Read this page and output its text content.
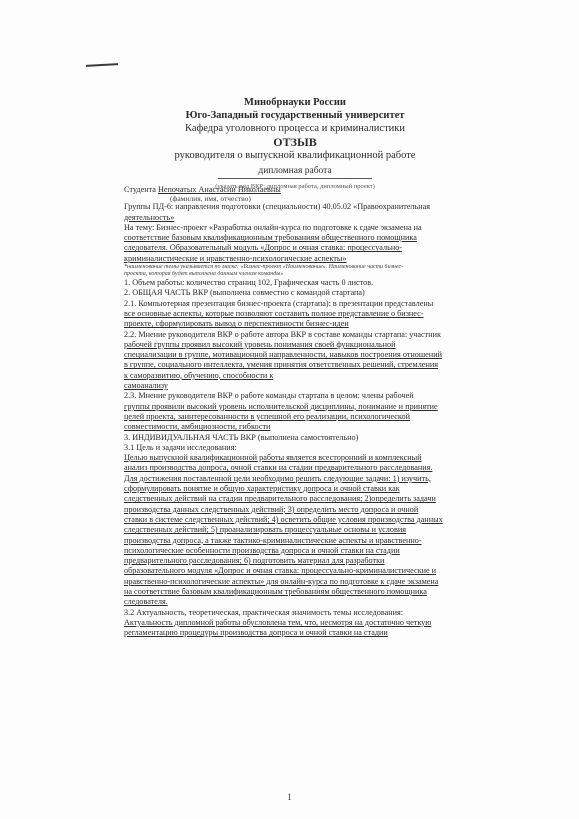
Минобрнауки России
Юго-Западный государственный университет
Кафедра уголовного процесса и криминалистики
ОТЗЫВ
руководителя о выпускной квалификационной работе
дипломная работа
(указать вид ВКР: дипломная работа, дипломный проект)
Студента Непочатых Анастасии Николаевны
(фамилия, имя, отчество)
Группы ПД-6: направления подготовки (специальности) 40.05.02 «Правоохранительная
деятельность»
На тему: Бизнес-проект «Разработка онлайн-курса по подготовке к сдаче экзамена на
соответствие базовым квалификационным требованиям общественного помощника
следователя. Образовательный модуль «Допрос и очная ставка: процессуально-
криминалистические и нравственно-психологические аспекты»
*наименование темы указывается по маске: «Бизнес-проект «Наименование». Наименование части бизнес-
проекта, которая будет выполнена данным членом команды»
1. Объем работы: количество страниц 102, Графическая часть 0 листов.
2. ОБЩАЯ ЧАСТЬ ВКР (выполнена совместно с командой стартапа)
2.1. Компьютерная презентация бизнес-проекта (стартапа): в презентации представлены
все основные аспекты, которые позволяют составить полное представление о бизнес-
проекте, сформулировать вывод о перспективности бизнес-идеи
2.2. Мнение руководителя ВКР о работе автора ВКР в составе команды стартапа: участник
рабочей группы проявил высокий уровень понимания своей функциональной
специализации в группе, мотивационной направленности, навыков построения отношений
в группе, социального интеллекта, умения принятия ответственных решений, стремления
к саморазвитию, обучению, способности к
самоанализу
2.3. Мнение руководителя ВКР о работе команды стартапа в целом: члены рабочей
группы проявили высокий уровень исполнительской дисциплины, понимание и принятие
целей проекта, заинтересованности в успешной его реализации, психологической
совместимости, амбициозности, гибкости
3. ИНДИВИДУАЛЬНАЯ ЧАСТЬ ВКР (выполнена самостоятельно)
3.1 Цель и задачи исследования:
Целью выпускной квалификационной работы является всесторонний и комплексный
анализ производства допроса, очной ставки на стадии предварительного расследования.
Для достижения поставленной цели необходимо решить следующие задачи: 1) изучить,
сформулировать понятие и общую характеристику допроса и очной ставки как
следственных действий на стадии предварительного расследования; 2)определить задачи
производства данных следственных действий; 3) определить место допроса и очной
ставки в системе следственных действий; 4) осветить общие условия производства данных
следственных действий; 5) проанализировать процессуальные основы и условия
производства допроса, а также тактико-криминалистические аспекты и нравственно-
психологические особенности производства допроса и очной ставки на стадии
предварительного расследования; 6) подготовить материал для разработки
образовательного модуля «Допрос и очная ставка: процессуально-криминалистические и
нравственно-психологические аспекты» для онлайн-курса по подготовке к сдаче экзамена
на соответствие базовым квалификационным требованиям общественного помощника
следователя.
3.2 Актуальность, теоретическая, практическая значимость темы исследования:
Актуальность дипломной работы обусловлена тем, что, несмотря на достаточно четкую
регламентацию процедуры производства допроса и очной ставки на стадии
1
